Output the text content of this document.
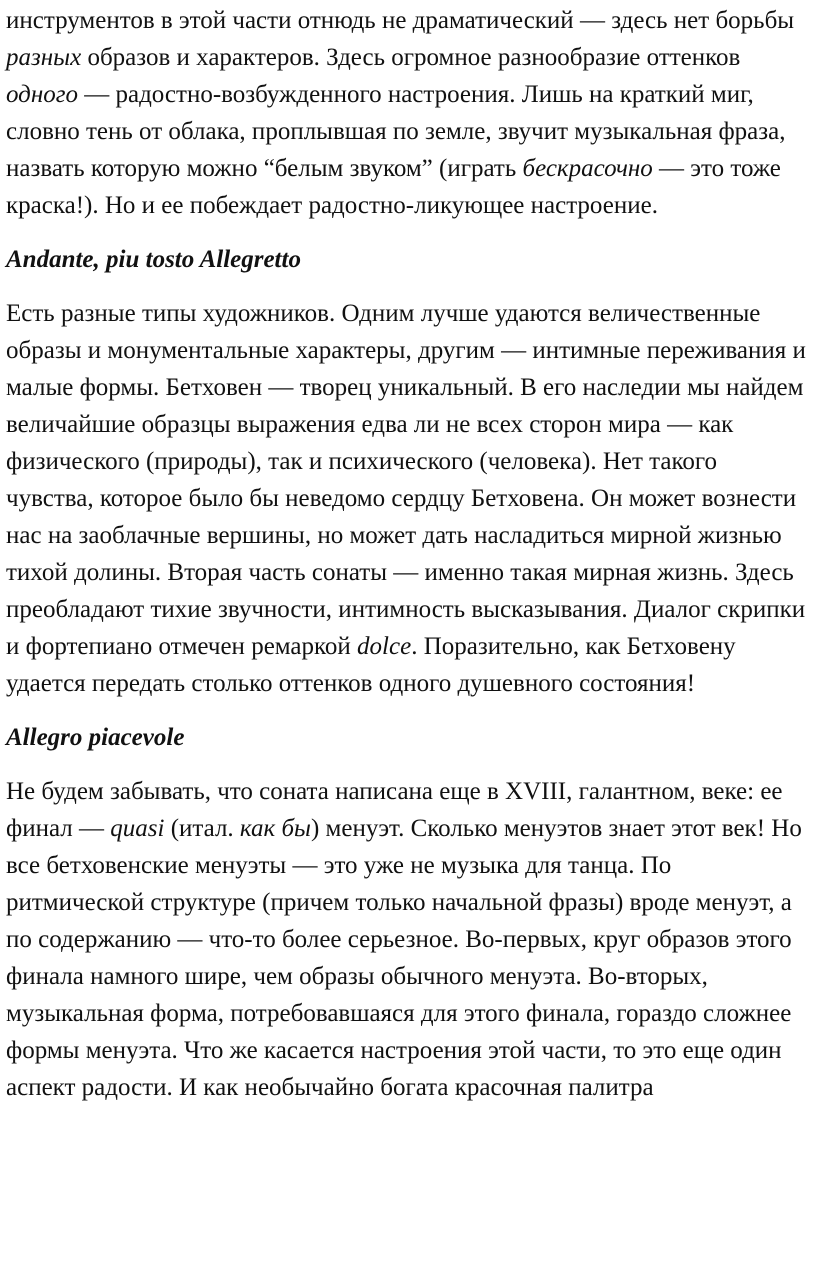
инструментов в этой части отнюдь не драматический — здесь нет борьбы разных образов и характеров. Здесь огромное разнообразие оттенков одного — радостно-возбужденного настроения. Лишь на краткий миг, словно тень от облака, проплывшая по земле, звучит музыкальная фраза, назвать которую можно “белым звуком” (играть бескрасочно — это тоже краска!). Но и ее побеждает радостно-ликующее настроение.

Andante, piu tosto Allegretto

Есть разные типы художников. Одним лучше удаются величественные образы и монументальные характеры, другим — интимные переживания и малые формы. Бетховен — творец уникальный. В его наследии мы найдем величайшие образцы выражения едва ли не всех сторон мира — как физического (природы), так и психического (человека). Нет такого чувства, которое было бы неведомо сердцу Бетховена. Он может вознести нас на заоблачные вершины, но может дать насладиться мирной жизнью тихой долины. Вторая часть сонаты — именно такая мирная жизнь. Здесь преобладают тихие звучности, интимность высказывания. Диалог скрипки и фортепиано отмечен ремаркой dolce. Поразительно, как Бетховену удается передать столько оттенков одного душевного состояния!

Allegro piacevole

Не будем забывать, что соната написана еще в XVIII, галантном, веке: ее финал — quasi (итал. как бы) менуэт. Сколько менуэтов знает этот век! Но все бетховенские менуэты — это уже не музыка для танца. По ритмической структуре (причем только начальной фразы) вроде менуэт, а по содержанию — что-то более серьезное. Во-первых, круг образов этого финала намного шире, чем образы обычного менуэта. Во-вторых, музыкальная форма, потребовавшаяся для этого финала, гораздо сложнее формы менуэта. Что же касается настроения этой части, то это еще один аспект радости. И как необычайно богата красочная палитра
